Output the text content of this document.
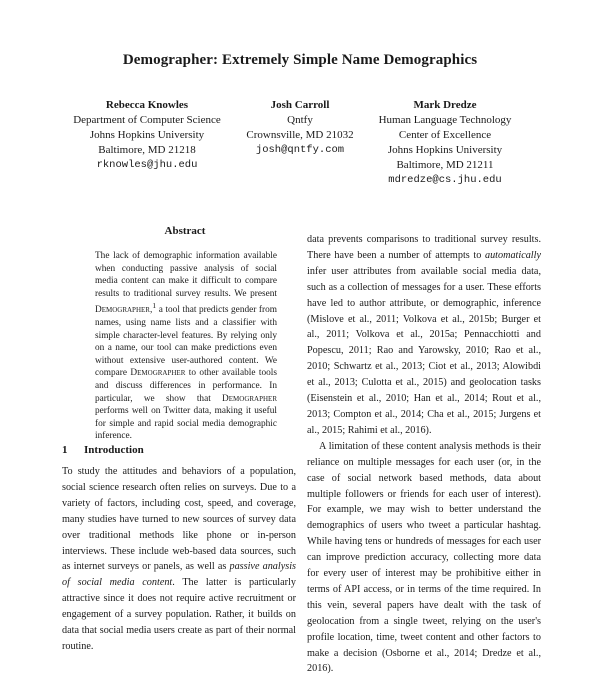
Demographer: Extremely Simple Name Demographics
Rebecca Knowles
Department of Computer Science
Johns Hopkins University
Baltimore, MD 21218
rknowles@jhu.edu
Josh Carroll
Qntfy
Crownsville, MD 21032
josh@qntfy.com
Mark Dredze
Human Language Technology
Center of Excellence
Johns Hopkins University
Baltimore, MD 21211
mdredze@cs.jhu.edu
Abstract
The lack of demographic information available when conducting passive analysis of social media content can make it difficult to compare results to traditional survey results. We present Demographer,$^1$ a tool that predicts gender from names, using name lists and a classifier with simple character-level features. By relying only on a name, our tool can make predictions even without extensive user-authored content. We compare Demographer to other available tools and discuss differences in performance. In particular, we show that Demographer performs well on Twitter data, making it useful for simple and rapid social media demographic inference.
1 Introduction

To study the attitudes and behaviors of a population, social science research often relies on surveys. Due to a variety of factors, including cost, speed, and coverage, many studies have turned to new sources of survey data over traditional methods like phone or in-person interviews. These include web-based data sources, such as internet surveys or panels, as well as passive analysis of social media content. The latter is particularly attractive since it does not require active recruitment or engagement of a survey population. Rather, it builds on data that social media users create as part of their normal routine.

data prevents comparisons to traditional survey results. There have been a number of attempts to automatically infer user attributes from available social media data, such as a collection of messages for a user. These efforts have led to author attribute, or demographic, inference (Mislove et al., 2011; Volkova et al., 2015b; Burger et al., 2011; Volkova et al., 2015a; Pennacchiotti and Popescu, 2011; Rao and Yarowsky, 2010; Rao et al., 2010; Schwartz et al., 2013; Ciot et al., 2013; Alowibdi et al., 2013; Culotta et al., 2015) and geolocation tasks (Eisenstein et al., 2010; Han et al., 2014; Rout et al., 2013; Compton et al., 2014; Cha et al., 2015; Jurgens et al., 2015; Rahimi et al., 2016).

A limitation of these content analysis methods is their reliance on multiple messages for each user (or, in the case of social network based methods, data about multiple followers or friends for each user of interest). For example, we may wish to better understand the demographics of users who tweet a particular hashtag. While having tens or hundreds of messages for each user can improve prediction accuracy, collecting more data for every user of interest may be prohibitive either in terms of API access, or in terms of the time required. In this vein, several papers have dealt with the task of geolocation from a single tweet, relying on the user's profile location, time, tweet content and other factors to make a decision (Osborne et al., 2014; Dredze et al., 2016).
